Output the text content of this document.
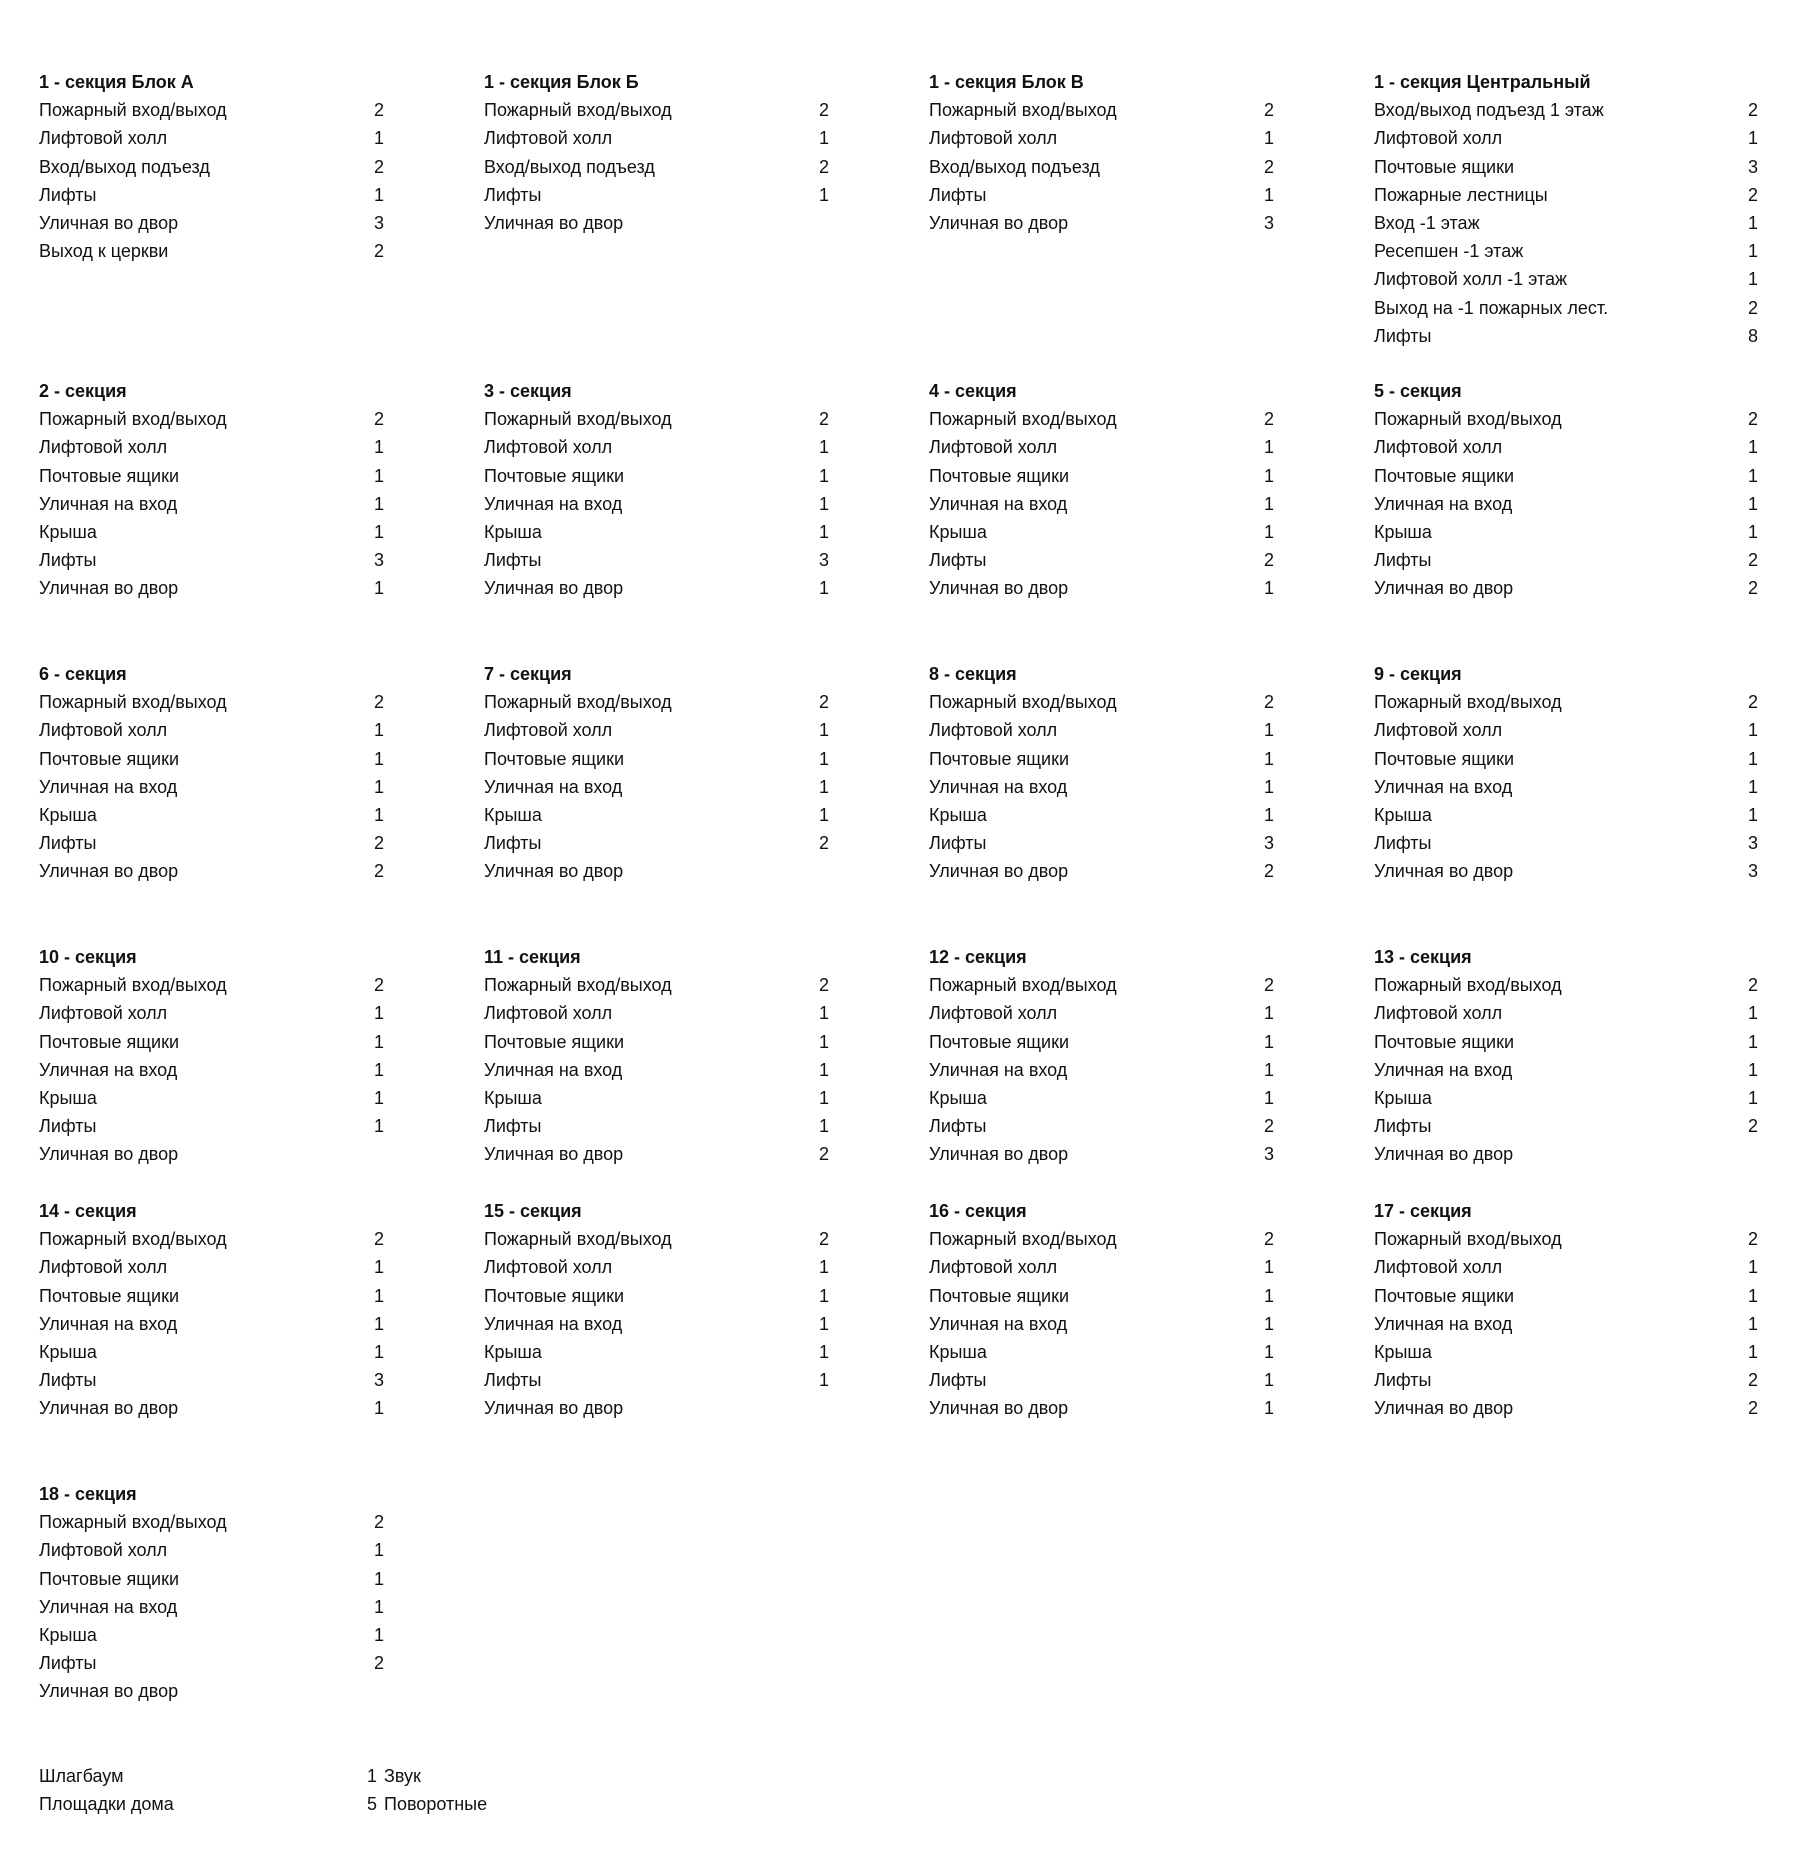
1 - секция Блок А
Пожарный вход/выход	2
Лифтовой холл	1
Вход/выход подъезд	2
Лифты	1
Уличная во двор	3
Выход к церкви	2
1 - секция Блок Б
Пожарный вход/выход	2
Лифтовой холл	1
Вход/выход подъезд	2
Лифты	1
Уличная во двор
1 - секция Блок В
Пожарный вход/выход	2
Лифтовой холл	1
Вход/выход подъезд	2
Лифты	1
Уличная во двор	3
1 - секция Центральный
Вход/выход подъезд 1 этаж	2
Лифтовой холл	1
Почтовые ящики	3
Пожарные лестницы	2
Вход -1 этаж	1
Ресепшен -1 этаж	1
Лифтовой холл -1 этаж	1
Выход на -1 пожарных лест.	2
Лифты	8
2 - секция
Пожарный вход/выход	2
Лифтовой холл	1
Почтовые ящики	1
Уличная на вход	1
Крыша	1
Лифты	3
Уличная во двор	1
3 - секция
Пожарный вход/выход	2
Лифтовой холл	1
Почтовые ящики	1
Уличная на вход	1
Крыша	1
Лифты	3
Уличная во двор	1
4 - секция
Пожарный вход/выход	2
Лифтовой холл	1
Почтовые ящики	1
Уличная на вход	1
Крыша	1
Лифты	2
Уличная во двор	1
5 - секция
Пожарный вход/выход	2
Лифтовой холл	1
Почтовые ящики	1
Уличная на вход	1
Крыша	1
Лифты	2
Уличная во двор	2
6 - секция
Пожарный вход/выход	2
Лифтовой холл	1
Почтовые ящики	1
Уличная на вход	1
Крыша	1
Лифты	2
Уличная во двор	2
7 - секция
Пожарный вход/выход	2
Лифтовой холл	1
Почтовые ящики	1
Уличная на вход	1
Крыша	1
Лифты	2
Уличная во двор
8 - секция
Пожарный вход/выход	2
Лифтовой холл	1
Почтовые ящики	1
Уличная на вход	1
Крыша	1
Лифты	3
Уличная во двор	2
9 - секция
Пожарный вход/выход	2
Лифтовой холл	1
Почтовые ящики	1
Уличная на вход	1
Крыша	1
Лифты	3
Уличная во двор	3
10 - секция
Пожарный вход/выход	2
Лифтовой холл	1
Почтовые ящики	1
Уличная на вход	1
Крыша	1
Лифты	1
Уличная во двор
11 - секция
Пожарный вход/выход	2
Лифтовой холл	1
Почтовые ящики	1
Уличная на вход	1
Крыша	1
Лифты	1
Уличная во двор	2
12 - секция
Пожарный вход/выход	2
Лифтовой холл	1
Почтовые ящики	1
Уличная на вход	1
Крыша	1
Лифты	2
Уличная во двор	3
13 - секция
Пожарный вход/выход	2
Лифтовой холл	1
Почтовые ящики	1
Уличная на вход	1
Крыша	1
Лифты	2
Уличная во двор
14 - секция
Пожарный вход/выход	2
Лифтовой холл	1
Почтовые ящики	1
Уличная на вход	1
Крыша	1
Лифты	3
Уличная во двор	1
15 - секция
Пожарный вход/выход	2
Лифтовой холл	1
Почтовые ящики	1
Уличная на вход	1
Крыша	1
Лифты	1
Уличная во двор
16 - секция
Пожарный вход/выход	2
Лифтовой холл	1
Почтовые ящики	1
Уличная на вход	1
Крыша	1
Лифты	1
Уличная во двор	1
17 - секция
Пожарный вход/выход	2
Лифтовой холл	1
Почтовые ящики	1
Уличная на вход	1
Крыша	1
Лифты	2
Уличная во двор	2
18 - секция
Пожарный вход/выход	2
Лифтовой холл	1
Почтовые ящики	1
Уличная на вход	1
Крыша	1
Лифты	2
Уличная во двор
Шлагбаум	1 Звук
Площадки дома	5 Поворотные
